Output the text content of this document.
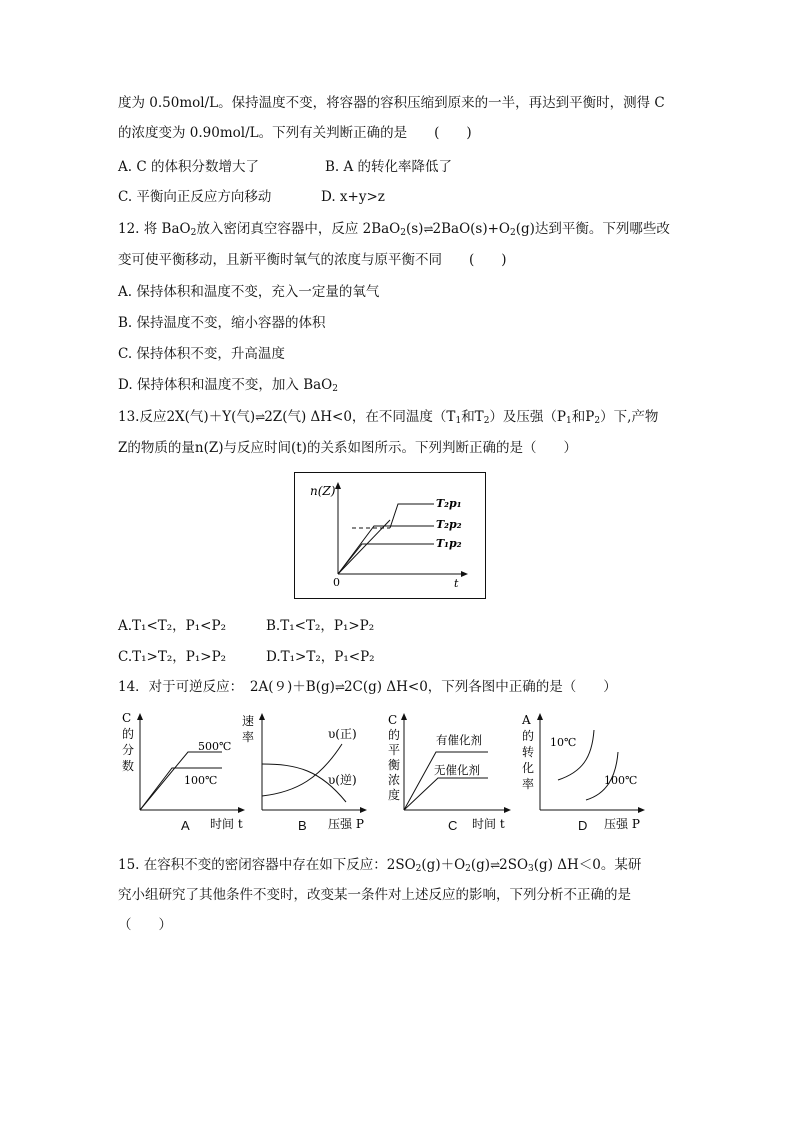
度为 0.50mol/L。保持温度不变，将容器的容积压缩到原来的一半，再达到平衡时，测得 C
的浓度变为 0.90mol/L。下列有关判断正确的是　　(　　)
A. C 的体积分数增大了	B. A 的转化率降低了
C. 平衡向正反应方向移动	D. x+y>z
12. 将 BaO$_2$放入密闭真空容器中，反应 $2BaO_2(s)\rightleftharpoons 2BaO(s)+O_2(g)$达到平衡。下列哪些改
变可使平衡移动，且新平衡时氧气的浓度与原平衡不同　　(　　)
A. 保持体积和温度不变，充入一定量的氧气
B. 保持温度不变，缩小容器的体积
C. 保持体积不变，升高温度
D. 保持体积和温度不变，加入 BaO$_2$
13.反应2X(气)＋Y(气)⇌2Z(气) ΔH<0，在不同温度（$T_1$和$T_2$）及压强（$P_1$和$P_2$）下,产物
Z的物质的量n(Z)与反应时间(t)的关系如图所示。下列判断正确的是（　　）
n(Z)
t
0
T₂p₁
T₂p₂
T₁p₂
A.T₁<T₂，P₁<P₂	B.T₁<T₂，P₁>P₂
C.T₁>T₂，P₁>P₂	D.T₁>T₂，P₁<P₂
14．对于可逆反应：　2A(９)＋B(g)⇌2C(g) ΔH<0，下列各图中正确的是（　　）
C
的
分
数
500℃
100℃
时间 t
A
速
率	υ(正)
υ(逆)
压强 P
B
C
的
平
衡
浓
度
有催化剂
无催化剂
时间 t
C
A
的
转
化
率
10℃
100℃
压强 P
D
15. 在容积不变的密闭容器中存在如下反应：$2SO_2(g)+O_2(g)\rightleftharpoons 2SO_3(g)$ ΔH＜0。某研
究小组研究了其他条件不变时，改变某一条件对上述反应的影响，下列分析不正确的是
（　　）
